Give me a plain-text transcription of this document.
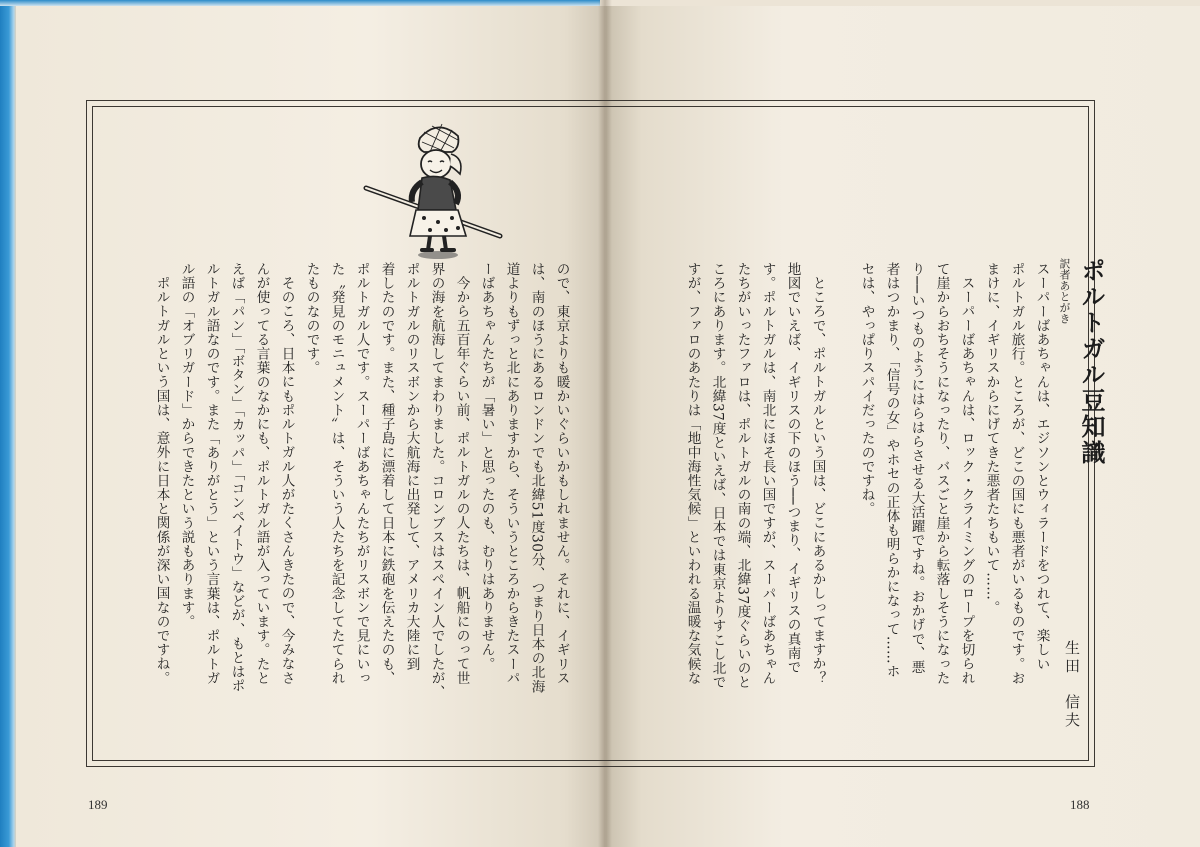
訳者あとがき ポルトガル豆知識
生田　信夫
スーパーばあちゃんは、エジソンとウィラードをつれて、楽しい
ポルトガル旅行。ところが、どこの国にも悪者がいるものです。お
まけに、イギリスからにげてきた悪者たちもいて……。
スーパーばあちゃんは、ロック・クライミングのロープを切られ
て崖からおちそうになったり、バスごと崖から転落しそうになった
り──いつものようにはらはらさせる大活躍ですね。おかげで、悪
者はつかまり、「信号の女」やホセの正体も明らかになって……ホ
セは、やっぱりスパイだったのですね。
ところで、ポルトガルという国は、どこにあるかしってますか？
地図でいえば、イギリスの下のほう──つまり、イギリスの真南で
す。ポルトガルは、南北にほそ長い国ですが、スーパーばあちゃん
たちがいったファロは、ポルトガルの南の端、北緯37度ぐらいのと
ころにあります。北緯37度といえば、日本では東京よりすこし北で
すが、ファロのあたりは「地中海性気候」といわれる温暖な気候な
ので、東京よりも暖かいぐらいかもしれません。それに、イギリス
は、南のほうにあるロンドンでも北緯51度30分、つまり日本の北海
道よりもずっと北にありますから、そういうところからきたスーパ
ーばあちゃんたちが「暑い」と思ったのも、むりはありません。
今から五百年ぐらい前、ポルトガルの人たちは、帆船にのって世
界の海を航海してまわりました。コロンブスはスペイン人でしたが、
ポルトガルのリスボンから大航海に出発して、アメリカ大陸に到
着したのです。また、種子島に漂着して日本に鉄砲を伝えたのも、
ポルトガル人です。スーパーばあちゃんたちがリスボンで見にいっ
た〝発見のモニュメント〟は、そういう人たちを記念してたてられ
たものなのです。
そのころ、日本にもポルトガル人がたくさんきたので、今みなさ
んが使ってる言葉のなかにも、ポルトガル語が入っています。たと
えば「パン」「ボタン」「カッパ」「コンペイトウ」などが、もとはポ
ルトガル語なのです。また「ありがとう」という言葉は、ポルトガ
ル語の「オブリガード」からできたという説もあります。
ポルトガルという国は、意外に日本と関係が深い国なのですね。
189	188
